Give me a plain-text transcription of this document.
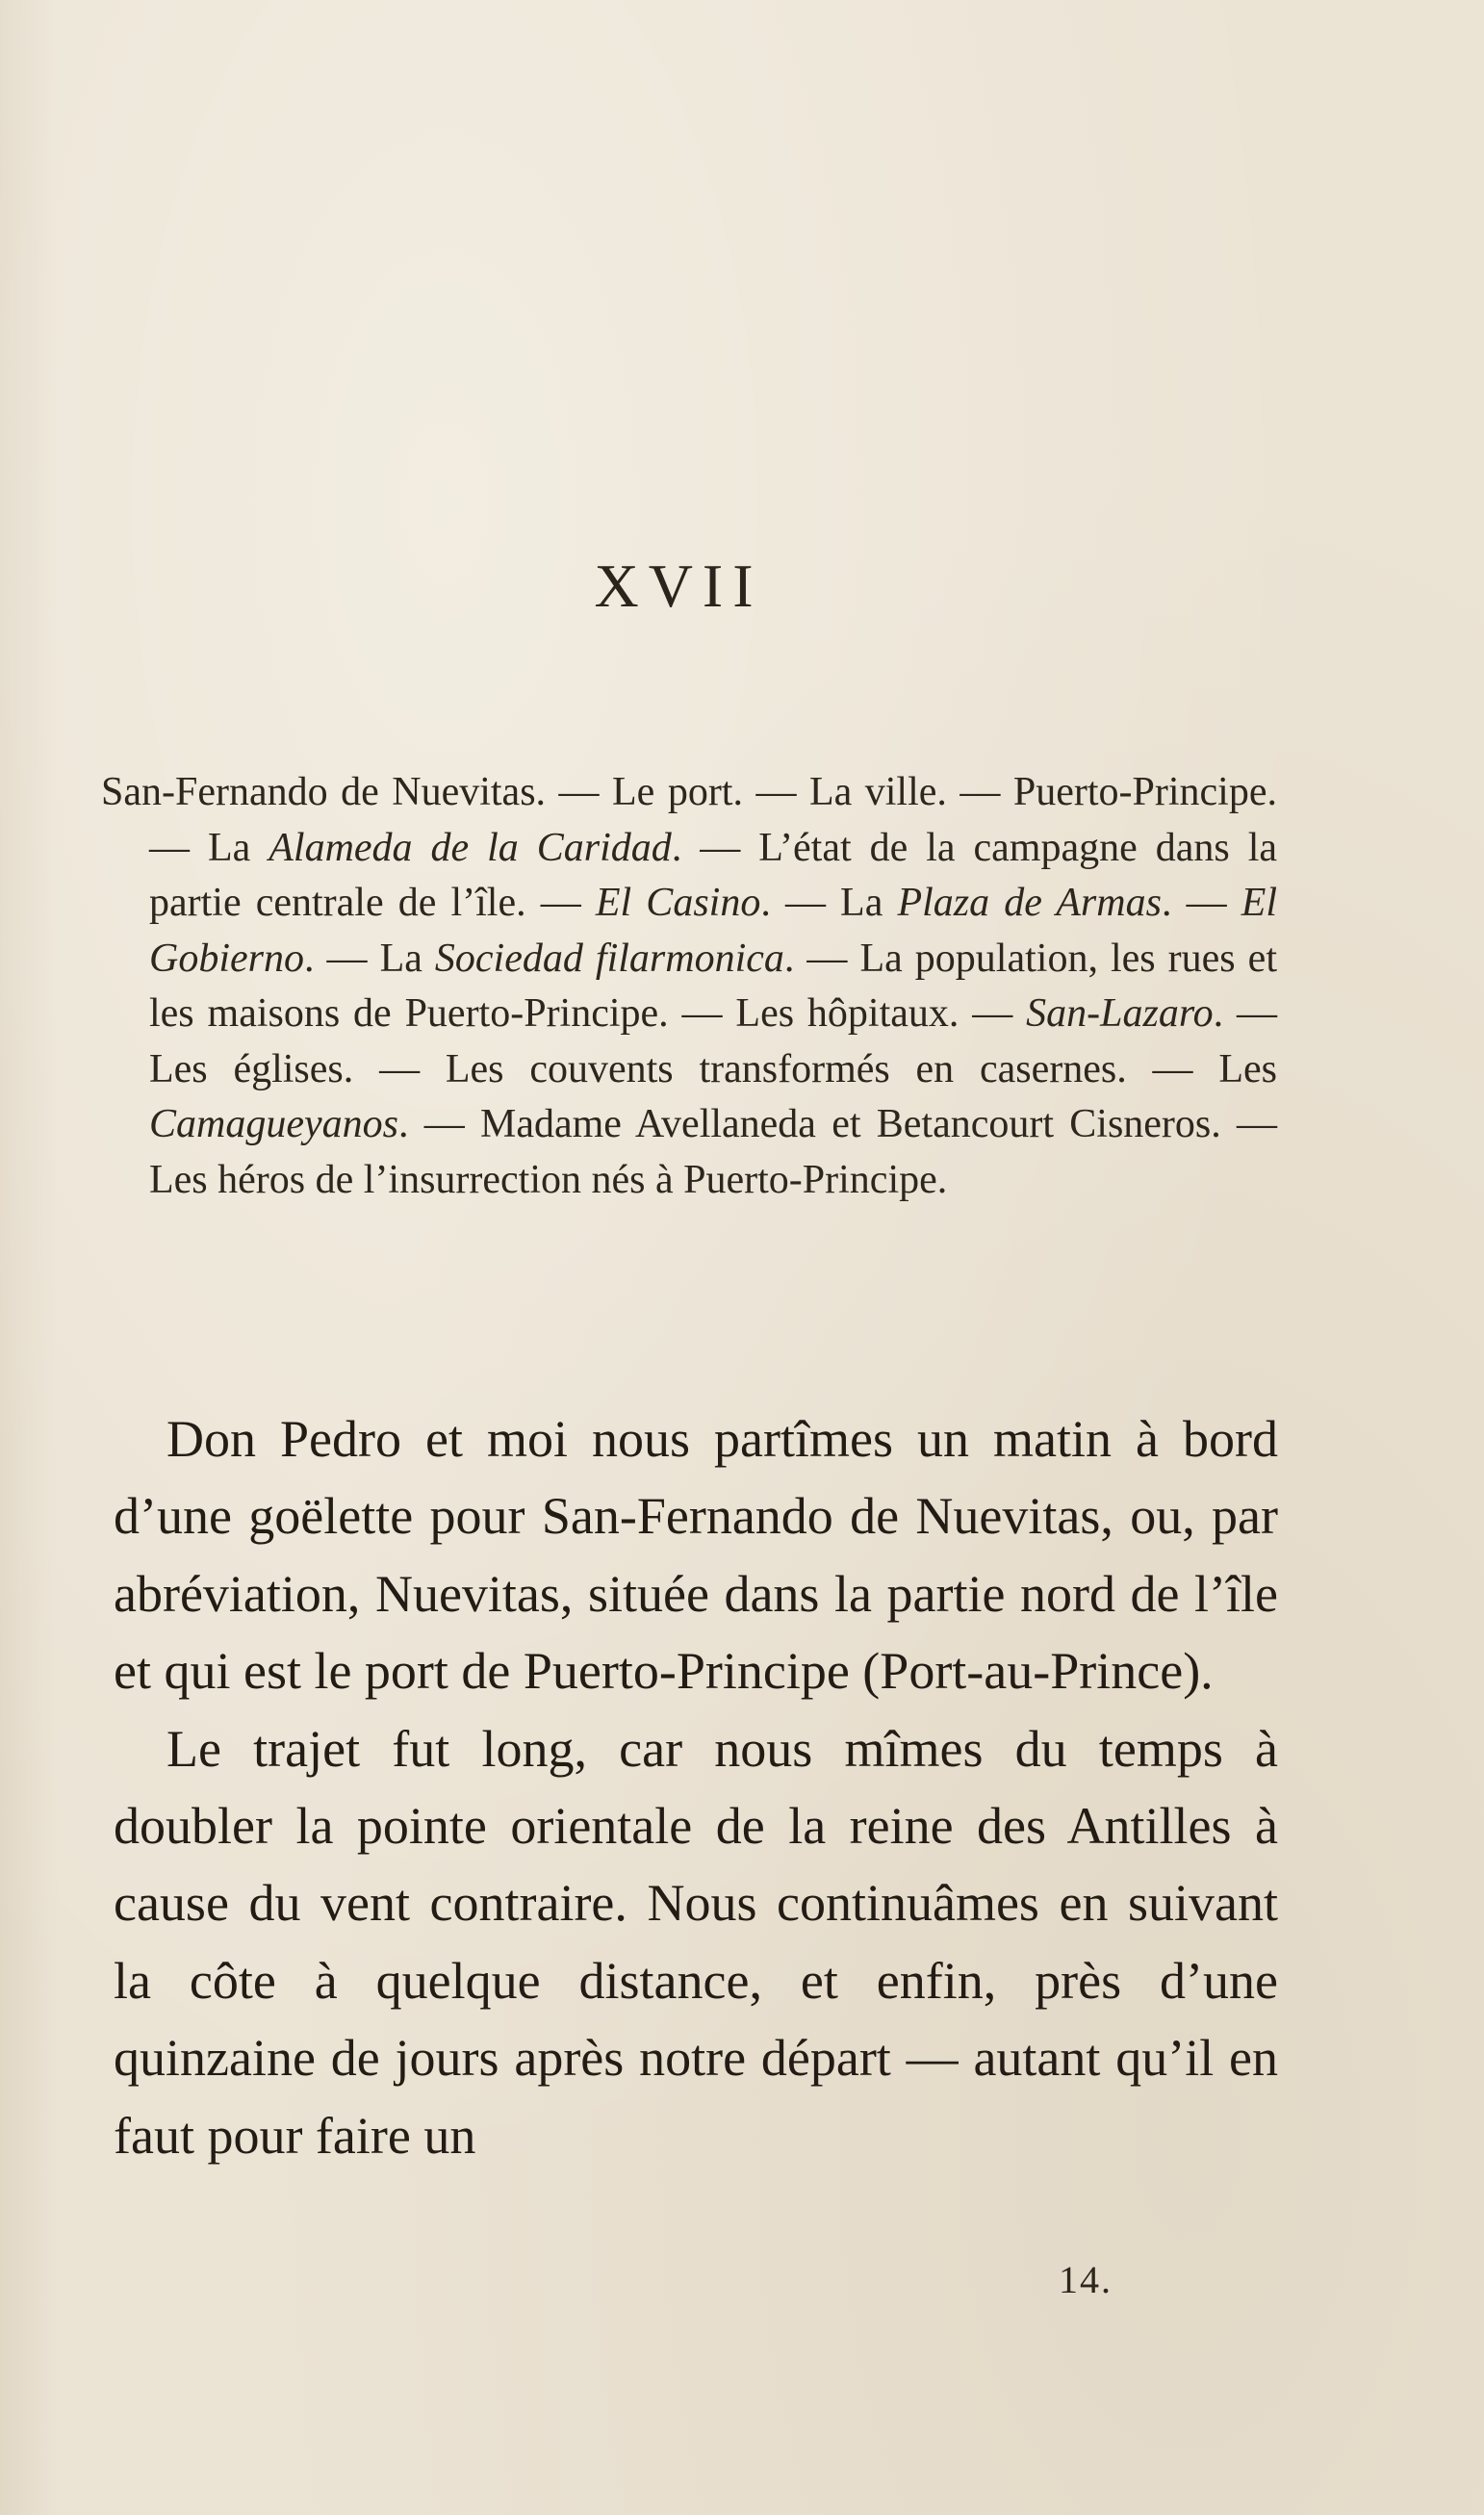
XVII

San-Fernando de Nuevitas. — Le port. — La ville. — Puerto-Principe. — La Alameda de la Caridad. — L’état de la campagne dans la partie centrale de l’île. — El Casino. — La Plaza de Armas. — El Gobierno. — La Sociedad filarmonica. — La population, les rues et les maisons de Puerto-Principe. — Les hôpitaux. — San-Lazaro. — Les églises. — Les couvents transformés en casernes. — Les Camagueyanos. — Madame Avellaneda et Betancourt Cisneros. — Les héros de l’insurrection nés à Puerto-Principe.

Don Pedro et moi nous partîmes un matin à bord d’une goëlette pour San-Fernando de Nuevitas, ou, par abréviation, Nuevitas, située dans la partie nord de l’île et qui est le port de Puerto-Principe (Port-au-Prince).

Le trajet fut long, car nous mîmes du temps à doubler la pointe orientale de la reine des Antilles à cause du vent contraire. Nous continuâmes en suivant la côte à quelque distance, et enfin, près d’une quinzaine de jours après notre départ — autant qu’il en faut pour faire un

14.
